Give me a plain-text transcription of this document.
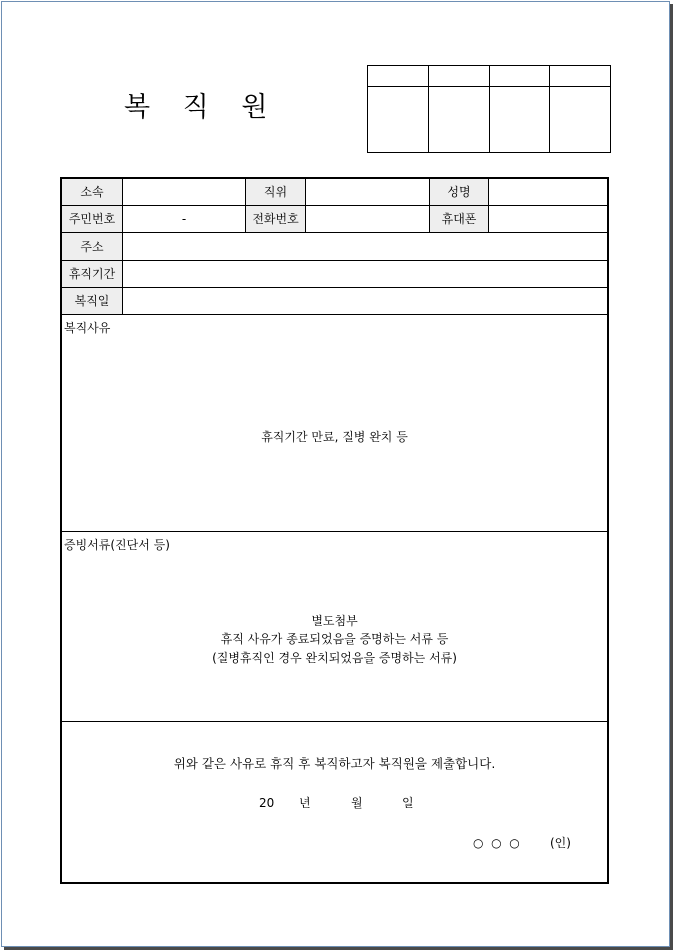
복 직 원

소속	직위	성명
주민번호	-	전화번호	휴대폰
주소
휴직기간
복직일
복직사유
휴직기간 만료, 질병 완치 등
증빙서류(진단서 등)
별도첨부
휴직 사유가 종료되었음을 증명하는 서류 등
(질병휴직인 경우 완치되었음을 증명하는 서류)
위와 같은 사유로 휴직 후 복직하고자 복직원을 제출합니다.
20 년	월	일
○  ○  ○	(인)
